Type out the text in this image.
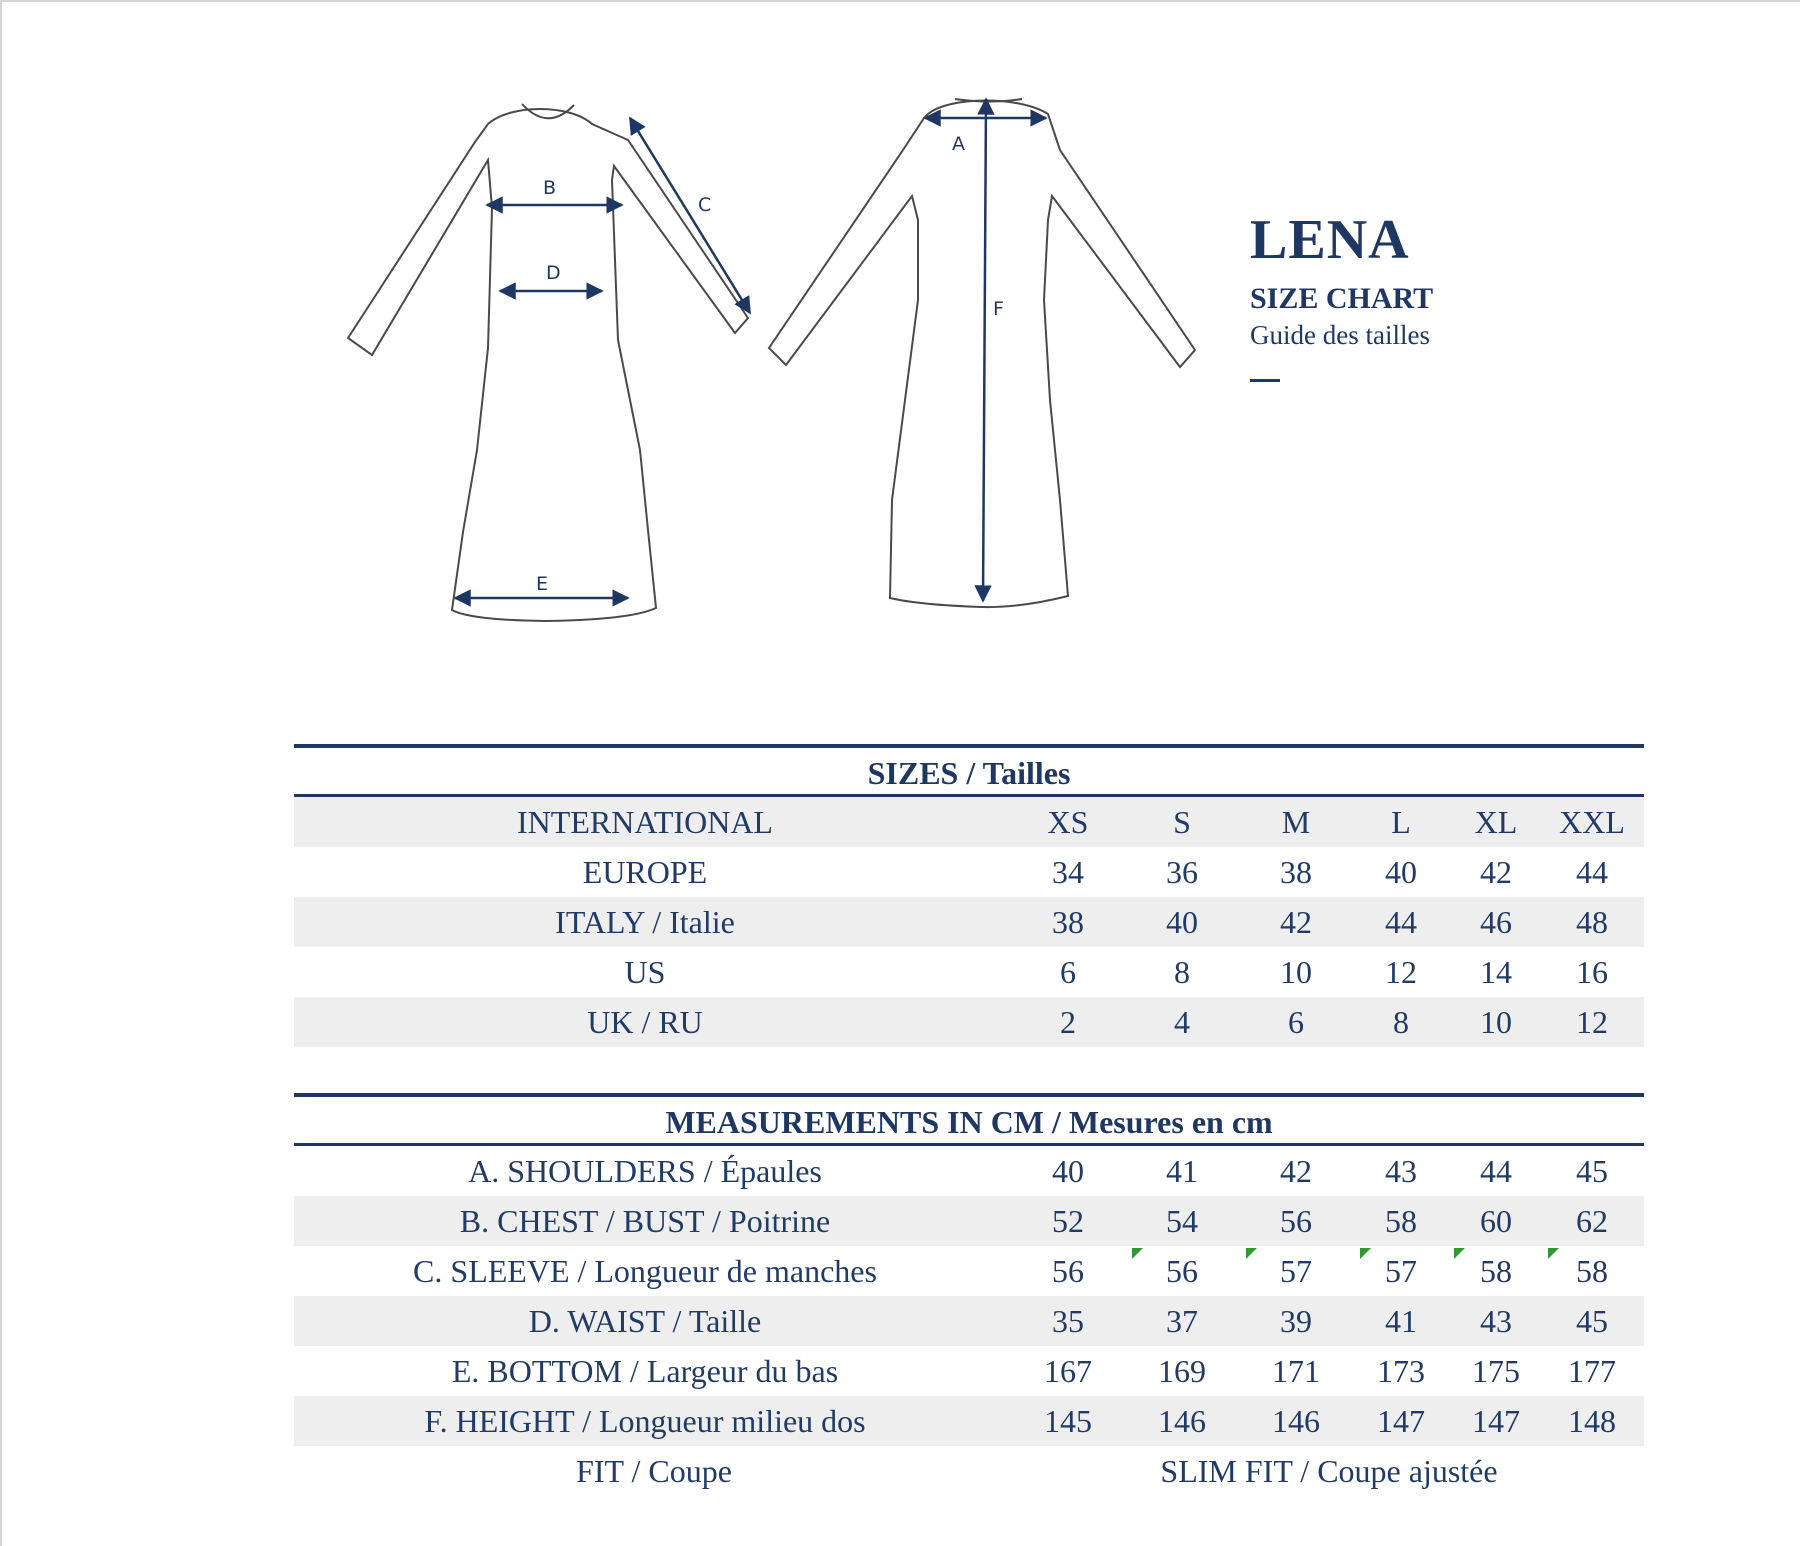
B
D
C
E
A
F
LENA
SIZE CHART
Guide des tailles
SIZES / Tailles
INTERNATIONAL	XS	S	M	L	XL	XXL
EUROPE	34	36	38	40	42	44
ITALY / Italie	38	40	42	44	46	48
US	6	8	10	12	14	16
UK / RU	2	4	6	8	10	12
MEASUREMENTS IN CM / Mesures en cm
A. SHOULDERS / Épaules	40	41	42	43	44	45
B. CHEST / BUST / Poitrine	52	54	56	58	60	62
C. SLEEVE / Longueur de manches	56	56	57	57	58	58
D. WAIST / Taille	35	37	39	41	43	45
E. BOTTOM / Largeur du bas	167	169	171	173	175	177
F. HEIGHT / Longueur milieu dos	145	146	146	147	147	148
FIT / Coupe	SLIM FIT / Coupe ajustée
